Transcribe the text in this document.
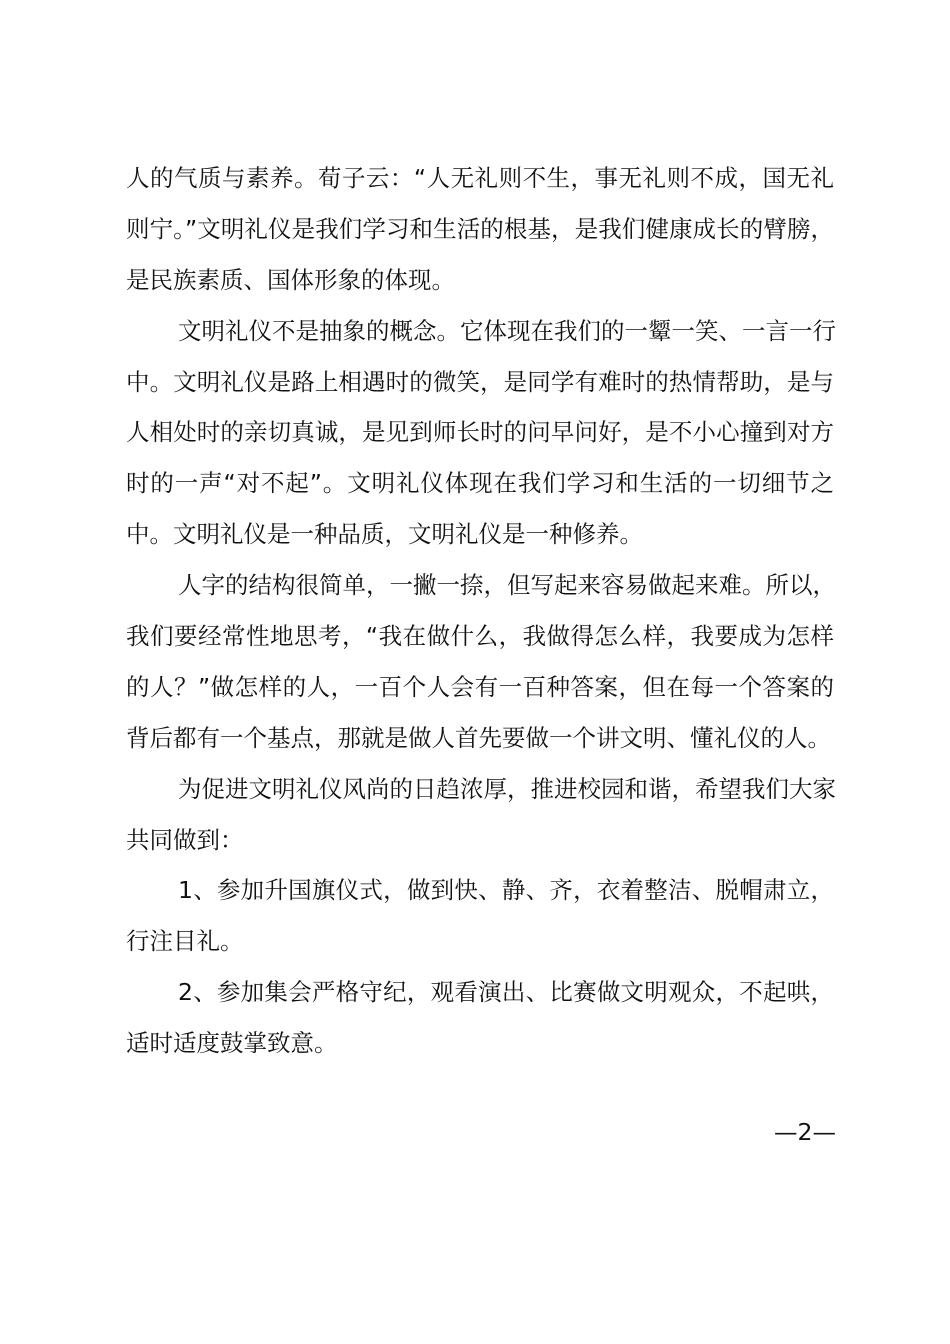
人的气质与素养。荀子云：“人无礼则不生，事无礼则不成，国无礼
则宁。”文明礼仪是我们学习和生活的根基，是我们健康成长的臂膀，
是民族素质、国体形象的体现。
文明礼仪不是抽象的概念。它体现在我们的一颦一笑、一言一行
中。文明礼仪是路上相遇时的微笑，是同学有难时的热情帮助，是与
人相处时的亲切真诚，是见到师长时的问早问好，是不小心撞到对方
时的一声“对不起”。文明礼仪体现在我们学习和生活的一切细节之
中。文明礼仪是一种品质，文明礼仪是一种修养。
人字的结构很简单，一撇一捺，但写起来容易做起来难。所以，
我们要经常性地思考，“我在做什么，我做得怎么样，我要成为怎样
的人？”做怎样的人，一百个人会有一百种答案，但在每一个答案的
背后都有一个基点，那就是做人首先要做一个讲文明、懂礼仪的人。
为促进文明礼仪风尚的日趋浓厚，推进校园和谐，希望我们大家
共同做到：
1、参加升国旗仪式，做到快、静、齐，衣着整洁、脱帽肃立，
行注目礼。
2、参加集会严格守纪，观看演出、比赛做文明观众，不起哄，
适时适度鼓掌致意。
—2—
